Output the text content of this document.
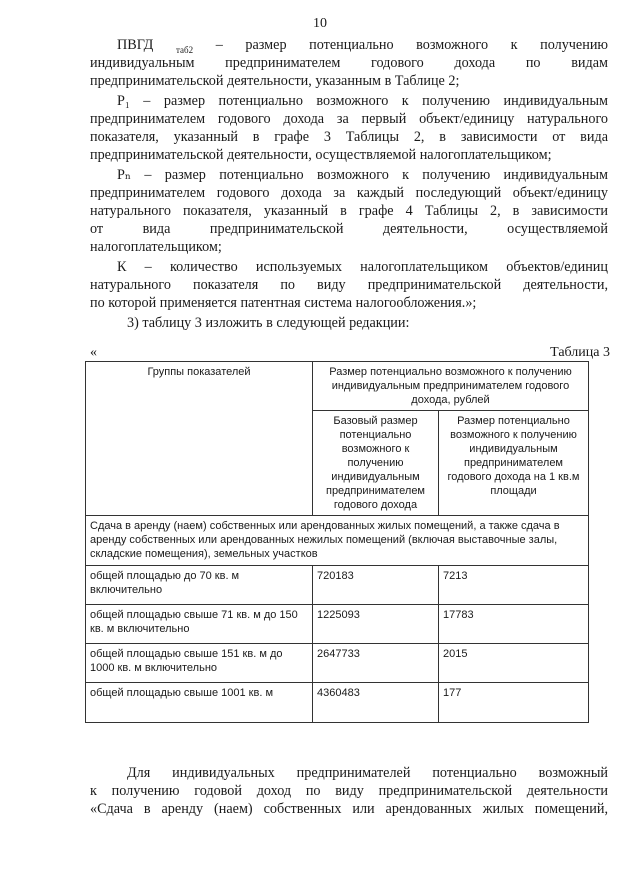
10

ПВГД	$_{таб2}$ – размер потенциально возможного к получению

индивидуальным предпринимателем годового дохода по видам

предпринимательской деятельности, указанным в Таблице 2;

P₁ – размер потенциально возможного к получению индивидуальным

предпринимателем годового дохода за первый объект/единицу натурального

показателя, указанный в графе 3 Таблицы 2, в зависимости от вида

предпринимательской деятельности, осуществляемой налогоплательщиком;

Pₙ – размер потенциально возможного к получению индивидуальным

предпринимателем годового дохода за каждый последующий объект/единицу

натурального показателя, указанный в графе 4 Таблицы 2, в зависимости

от вида предпринимательской деятельности, осуществляемой

налогоплательщиком;

К – количество используемых налогоплательщиком объектов/единиц

натурального показателя по виду предпринимательской деятельности,

по которой применяется патентная система налогообложения.»;

3) таблицу 3 изложить в следующей редакции:

«	Таблица 3
Группы показателей	Размер потенциально возможного к получению индивидуальным предпринимателем годового дохода, рублей	
	Базовый размер потенциально возможного к получению индивидуальным предпринимателем годового дохода	Размер потенциально возможного к получению индивидуальным предпринимателем годового дохода на 1 кв.м площади
Сдача в аренду (наем) собственных или арендованных жилых помещений, а также сдача в аренду собственных или арендованных нежилых помещений (включая выставочные залы, складские помещения), земельных участков		
общей площадью до 70 кв. м включительно	720183	7213
общей площадью свыше 71 кв. м до 150 кв. м включительно	1225093	17783
общей площадью свыше 151 кв. м до 1000 кв. м включительно	2647733	2015
общей площадью свыше 1001 кв. м	4360483	177

Для индивидуальных предпринимателей потенциально возможный

к получению годовой доход по виду предпринимательской деятельности

«Сдача в аренду (наем) собственных или арендованных жилых помещений,
